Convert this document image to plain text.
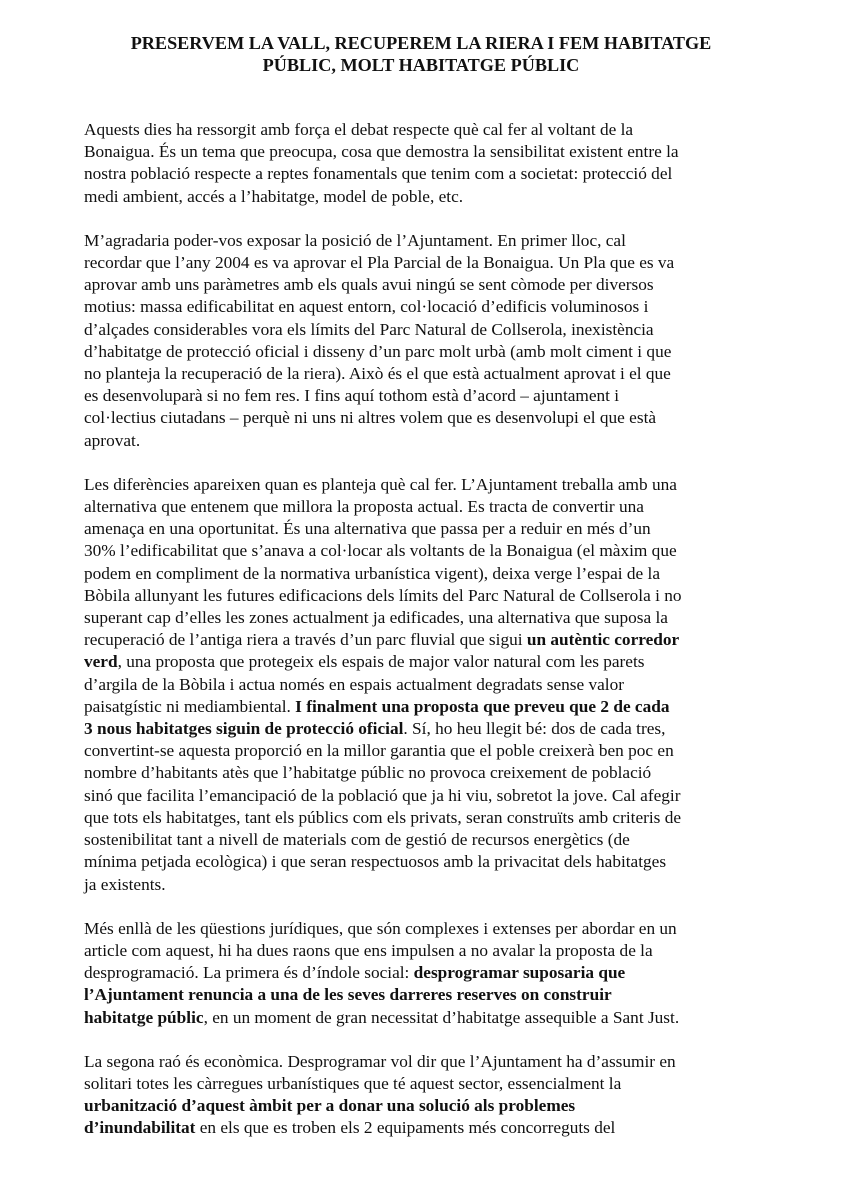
PRESERVEM LA VALL, RECUPEREM LA RIERA I FEM HABITATGE
PÚBLIC, MOLT HABITATGE PÚBLIC

Aquests dies ha ressorgit amb força el debat respecte què cal fer al voltant de la
Bonaigua. És un tema que preocupa, cosa que demostra la sensibilitat existent entre la
nostra població respecte a reptes fonamentals que tenim com a societat: protecció del
medi ambient, accés a l’habitatge, model de poble, etc.

M’agradaria poder-vos exposar la posició de l’Ajuntament. En primer lloc, cal
recordar que l’any 2004 es va aprovar el Pla Parcial de la Bonaigua. Un Pla que es va
aprovar amb uns paràmetres amb els quals avui ningú se sent còmode per diversos
motius: massa edificabilitat en aquest entorn, col·locació d’edificis voluminosos i
d’alçades considerables vora els límits del Parc Natural de Collserola, inexistència
d’habitatge de protecció oficial i disseny d’un parc molt urbà (amb molt ciment i que
no planteja la recuperació de la riera). Això és el que està actualment aprovat i el que
es desenvoluparà si no fem res. I fins aquí tothom està d’acord – ajuntament i
col·lectius ciutadans – perquè ni uns ni altres volem que es desenvolupi el que està
aprovat.

Les diferències apareixen quan es planteja què cal fer. L’Ajuntament treballa amb una
alternativa que entenem que millora la proposta actual. Es tracta de convertir una
amenaça en una oportunitat. És una alternativa que passa per a reduir en més d’un
30% l’edificabilitat que s’anava a col·locar als voltants de la Bonaigua (el màxim que
podem en compliment de la normativa urbanística vigent), deixa verge l’espai de la
Bòbila allunyant les futures edificacions dels límits del Parc Natural de Collserola i no
superant cap d’elles les zones actualment ja edificades, una alternativa que suposa la
recuperació de l’antiga riera a través d’un parc fluvial que sigui un autèntic corredor
verd, una proposta que protegeix els espais de major valor natural com les parets
d’argila de la Bòbila i actua només en espais actualment degradats sense valor
paisatgístic ni mediambiental. I finalment una proposta que preveu que 2 de cada
3 nous habitatges siguin de protecció oficial. Sí, ho heu llegit bé: dos de cada tres,
convertint-se aquesta proporció en la millor garantia que el poble creixerà ben poc en
nombre d’habitants atès que l’habitatge públic no provoca creixement de població
sinó que facilita l’emancipació de la població que ja hi viu, sobretot la jove. Cal afegir
que tots els habitatges, tant els públics com els privats, seran construïts amb criteris de
sostenibilitat tant a nivell de materials com de gestió de recursos energètics (de
mínima petjada ecològica) i que seran respectuosos amb la privacitat dels habitatges
ja existents.

Més enllà de les qüestions jurídiques, que són complexes i extenses per abordar en un
article com aquest, hi ha dues raons que ens impulsen a no avalar la proposta de la
desprogramació. La primera és d’índole social: desprogramar suposaria que
l’Ajuntament renuncia a una de les seves darreres reserves on construir
habitatge públic, en un moment de gran necessitat d’habitatge assequible a Sant Just.

La segona raó és econòmica. Desprogramar vol dir que l’Ajuntament ha d’assumir en
solitari totes les càrregues urbanístiques que té aquest sector, essencialment la
urbanització d’aquest àmbit per a donar una solució als problemes
d’inundabilitat en els que es troben els 2 equipaments més concorreguts del
